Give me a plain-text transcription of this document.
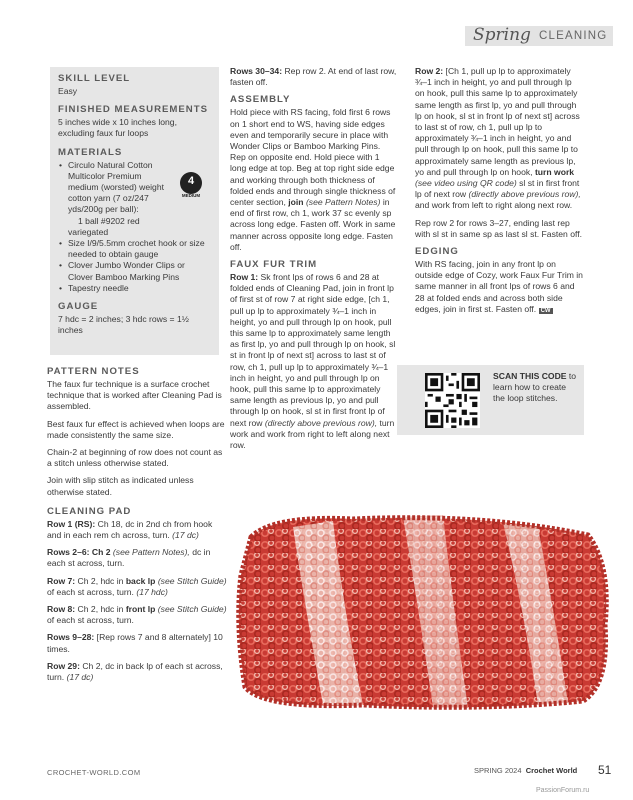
Spring CLEANING
SKILL LEVEL
Easy
FINISHED MEASUREMENTS
5 inches wide x 10 inches long, excluding faux fur loops
MATERIALS
• Circulo Natural Cotton Multicolor Premium medium (worsted) weight cotton yarn (7 oz/247 yds/200g per ball):
1 ball #9202 red variegated
• Size I/9/5.5mm crochet hook or size needed to obtain gauge
• Clover Jumbo Wonder Clips or Clover Bamboo Marking Pins
• Tapestry needle
GAUGE
7 hdc = 2 inches; 3 hdc rows = 1½ inches
4
MEDIUM
PATTERN NOTES

The faux fur technique is a surface crochet technique that is worked after Cleaning Pad is assembled.

Best faux fur effect is achieved when loops are made consistently the same size.

Chain-2 at beginning of row does not count as a stitch unless otherwise stated.

Join with slip stitch as indicated unless otherwise stated.

CLEANING PAD

Row 1 (RS): Ch 18, dc in 2nd ch from hook and in each rem ch across, turn. (17 dc)

Rows 2–6: Ch 2 (see Pattern Notes), dc in each st across, turn.

Row 7: Ch 2, hdc in back lp (see Stitch Guide) of each st across, turn. (17 hdc)

Row 8: Ch 2, hdc in front lp (see Stitch Guide) of each st across, turn.

Rows 9–28: [Rep rows 7 and 8 alternately] 10 times.

Row 29: Ch 2, dc in back lp of each st across, turn. (17 dc)

Rows 30–34: Rep row 2. At end of last row, fasten off.

ASSEMBLY

Hold piece with RS facing, fold first 6 rows on 1 short end to WS, having side edges even and temporarily secure in place with Wonder Clips or Bamboo Marking Pins. Rep on opposite end. Hold piece with 1 long edge at top. Beg at top right side edge and working through both thickness of folded ends and through single thickness of center section, join (see Pattern Notes) in end of first row, ch 1, work 37 sc evenly sp across long edge. Fasten off. Work in same manner across opposite long edge. Fasten off.

FAUX FUR TRIM

Row 1: Sk front lps of rows 6 and 28 at folded ends of Cleaning Pad, join in front lp of first st of row 7 at right side edge, [ch 1, pull up lp to approximately ¾–1 inch in height, yo and pull through lp on hook, pull this same lp to approximately same length as first lp, yo and pull through lp on hook, sl st in front lp of next st] across to last st of row, ch 1, pull up lp to approximately ¾–1 inch in height, yo and pull through lp on hook, pull this same lp to approximately same length as previous lp, yo and pull through lp on hook, sl st in first front lp of next row (directly above previous row), turn work and work from right to left along next row.

Row 2: [Ch 1, pull up lp to approximately ¾–1 inch in height, yo and pull through lp on hook, pull this same lp to approximately same length as first lp, yo and pull through lp on hook, sl st in front lp of next st] across to last st of row, ch 1, pull up lp to approximately ¾–1 inch in height, yo and pull through lp on hook, pull this same lp to approximately same length as previous lp, yo and pull through lp on hook, turn work (see video using QR code) sl st in first front lp of next row (directly above previous row), and work from left to right along next row.

Rep row 2 for rows 3–27, ending last rep with sl st in same sp as last sl st. Fasten off.

EDGING

With RS facing, join in any front lp on outside edge of Cozy, work Faux Fur Trim in same manner in all front lps of rows 6 and 28 at folded ends and across both side edges, join in first st. Fasten off. CW

SCAN THIS CODE to learn how to create the loop stitches.
CROCHET-WORLD.COM	SPRING 2024 Crochet World 51
PassionForum.ru
